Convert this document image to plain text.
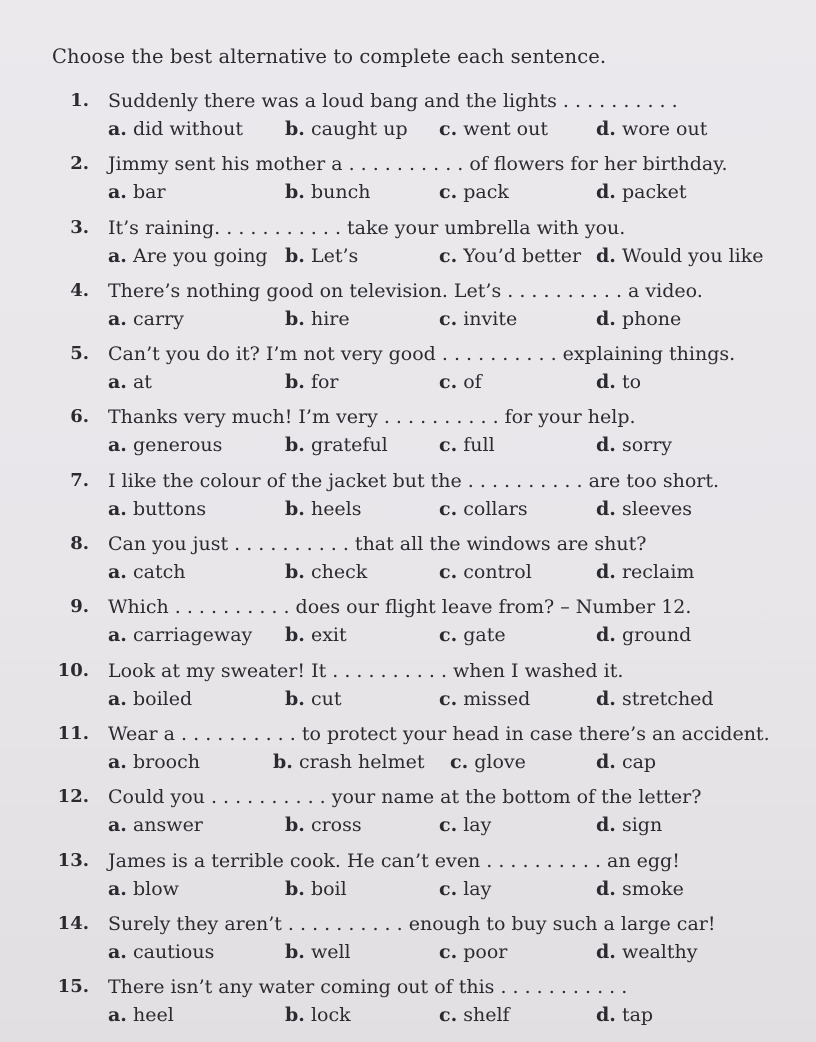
Choose the best alternative to complete each sentence.
1. Suddenly there was a loud bang and the lights . . . . . . . . . .
a. did without b. caught up c. went out	d. wore out
2. Jimmy sent his mother a . . . . . . . . . . of flowers for her birthday.
a. bar	b. bunch	c. pack	d. packet
3. It’s raining. . . . . . . . . . . take your umbrella with you.
a. Are you going b. Let’s	c. You’d better d. Would you like
4. There’s nothing good on television. Let’s . . . . . . . . . . a video.
a. carry	b. hire	c. invite	d. phone
5. Can’t you do it? I’m not very good . . . . . . . . . . explaining things.
a. at	b. for	c. of	d. to
6. Thanks very much! I’m very . . . . . . . . . . for your help.
a. generous	b. grateful	c. full	d. sorry
7. I like the colour of the jacket but the . . . . . . . . . . are too short.
a. buttons	b. heels	c. collars	d. sleeves
8. Can you just . . . . . . . . . . that all the windows are shut?
a. catch	b. check	c. control	d. reclaim
9. Which . . . . . . . . . . does our flight leave from? – Number 12.
a. carriageway b. exit	c. gate	d. ground
10. Look at my sweater! It . . . . . . . . . . when I washed it.
a. boiled	b. cut	c. missed	d. stretched
11. Wear a . . . . . . . . . . to protect your head in case there’s an accident.
a. brooch	b. crash helmet c. glove	d. cap
12. Could you . . . . . . . . . . your name at the bottom of the letter?
a. answer	b. cross	c. lay	d. sign
13. James is a terrible cook. He can’t even . . . . . . . . . . an egg!
a. blow	b. boil	c. lay	d. smoke
14. Surely they aren’t . . . . . . . . . . enough to buy such a large car!
a. cautious	b. well	c. poor	d. wealthy
15. There isn’t any water coming out of this . . . . . . . . . . .
a. heel	b. lock	c. shelf	d. tap
